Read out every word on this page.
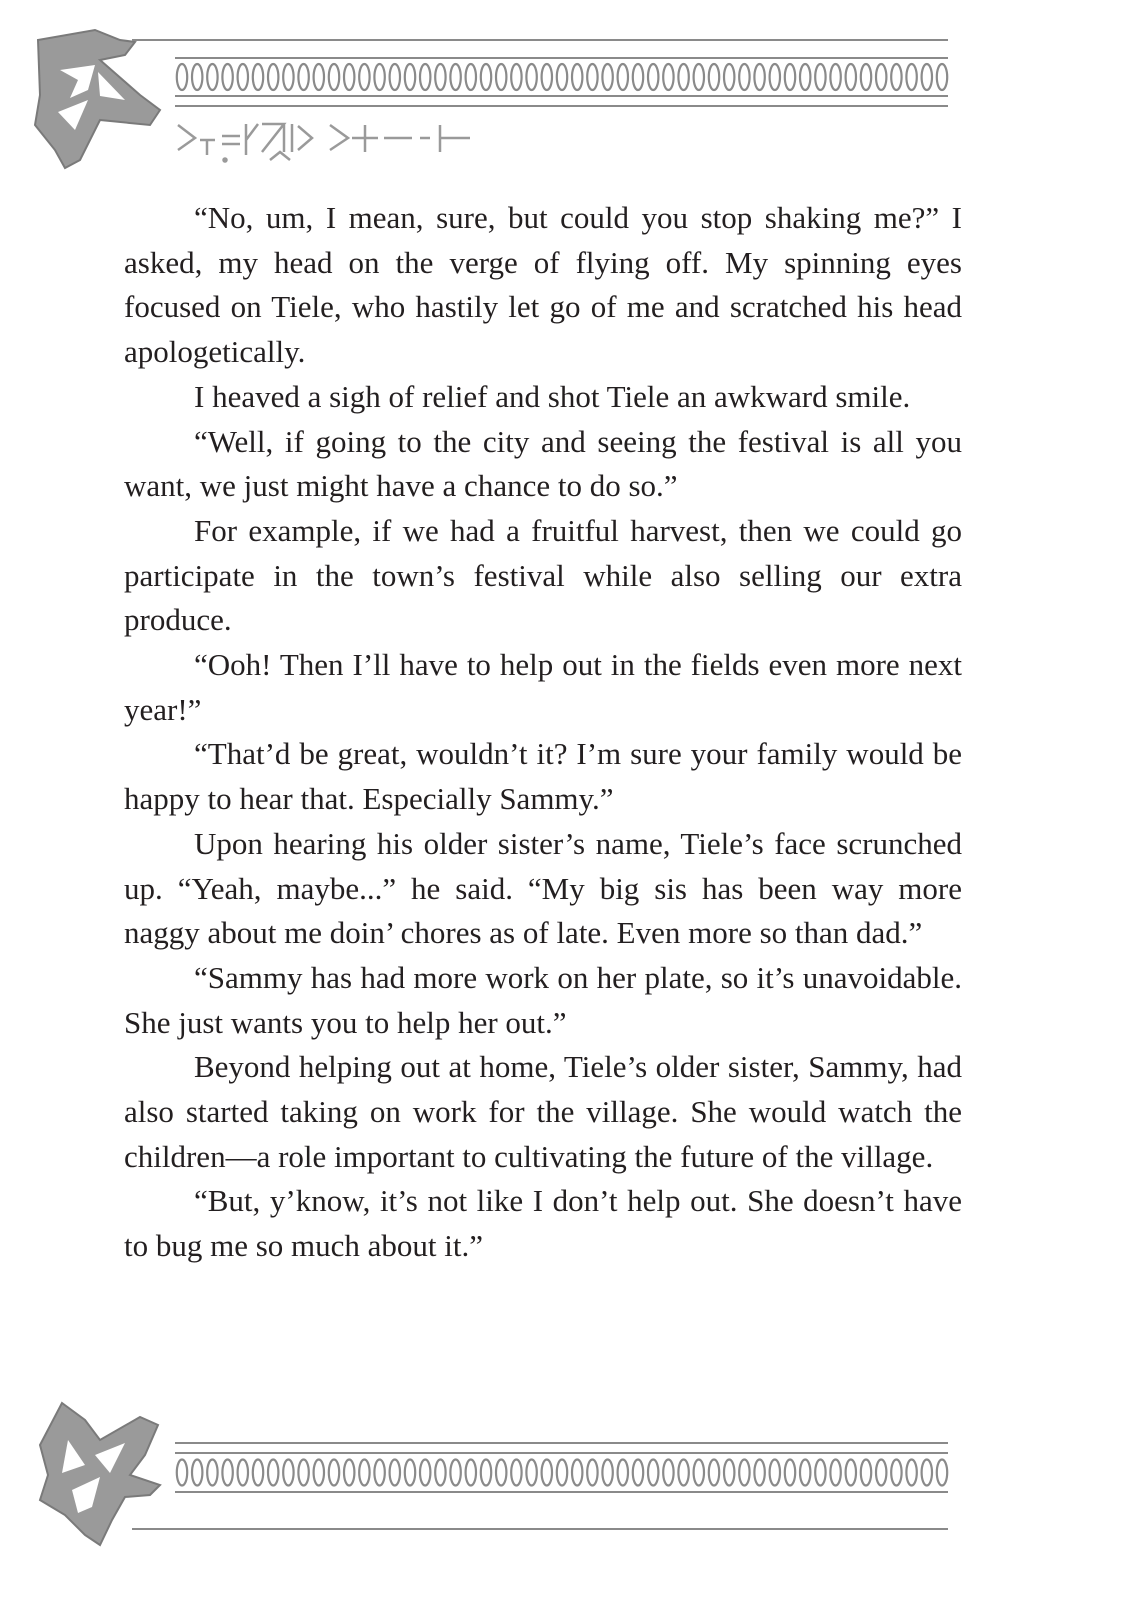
“No, um, I mean, sure, but could you stop shaking me?” I asked, my head on the verge of flying off. My spinning eyes focused on Tiele, who hastily let go of me and scratched his head apologetically.

I heaved a sigh of relief and shot Tiele an awkward smile.

“Well, if going to the city and seeing the festival is all you want, we just might have a chance to do so.”

For example, if we had a fruitful harvest, then we could go participate in the town’s festival while also selling our extra produce.

“Ooh! Then I’ll have to help out in the fields even more next year!”

“That’d be great, wouldn’t it? I’m sure your family would be happy to hear that. Especially Sammy.”

Upon hearing his older sister’s name, Tiele’s face scrunched up. “Yeah, maybe...” he said. “My big sis has been way more naggy about me doin’ chores as of late. Even more so than dad.”

“Sammy has had more work on her plate, so it’s unavoidable. She just wants you to help her out.”

Beyond helping out at home, Tiele’s older sister, Sammy, had also started taking on work for the village. She would watch the children—a role important to cultivating the future of the village.

“But, y’know, it’s not like I don’t help out. She doesn’t have to bug me so much about it.”
